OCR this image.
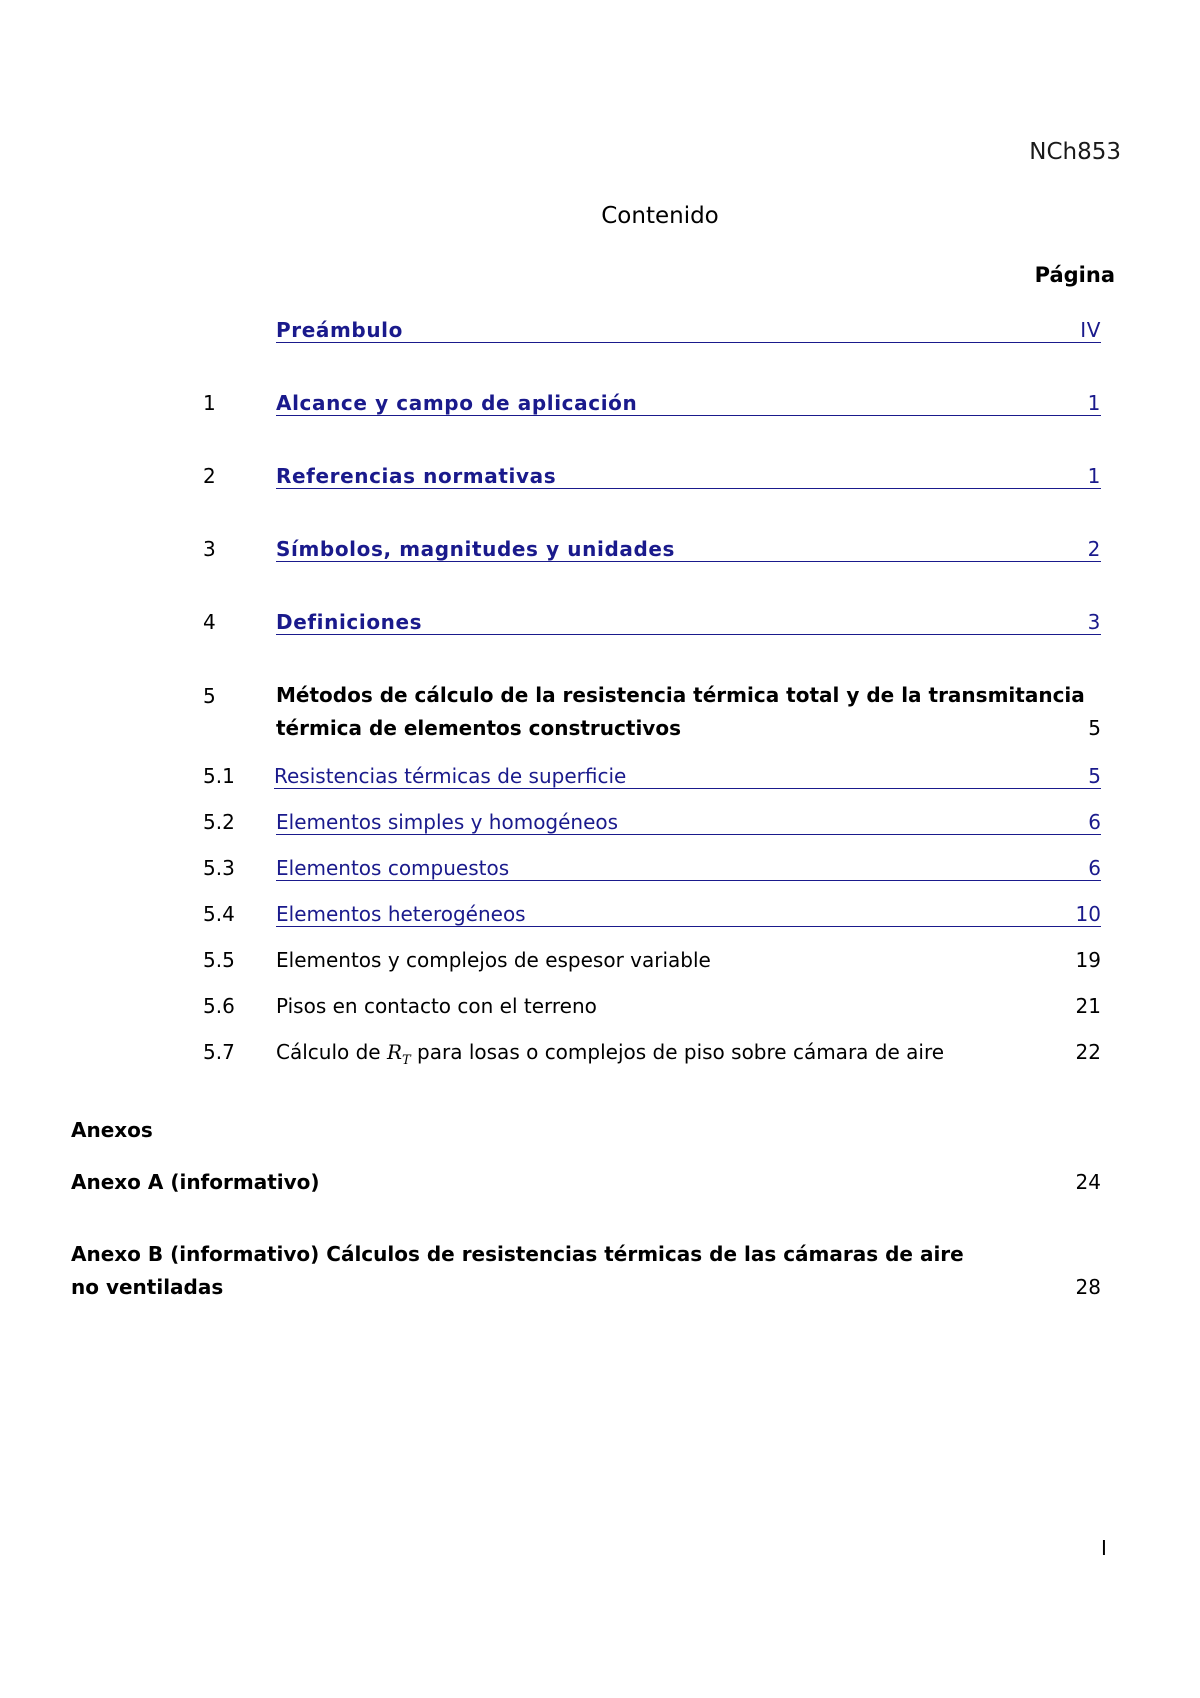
NCh853
Contenido
Página
Preámbulo	IV
1	Alcance y campo de aplicación	1
2	Referencias normativas	1
3	Símbolos, magnitudes y unidades	2
4	Definiciones	3
5	Métodos de cálculo de la resistencia térmica total y de la transmitancia
térmica de elementos constructivos	5
5.1 Resistencias térmicas de superficie	5
5.2 Elementos simples y homogéneos	6
5.3 Elementos compuestos	6
5.4 Elementos heterogéneos	10
5.5 Elementos y complejos de espesor variable	19
5.6 Pisos en contacto con el terreno	21
5.7 Cálculo de $R_T$ para losas o complejos de piso sobre cámara de aire	22
Anexos
Anexo A (informativo)	24
Anexo B (informativo) Cálculos de resistencias térmicas de las cámaras de aire
no ventiladas	28
I
